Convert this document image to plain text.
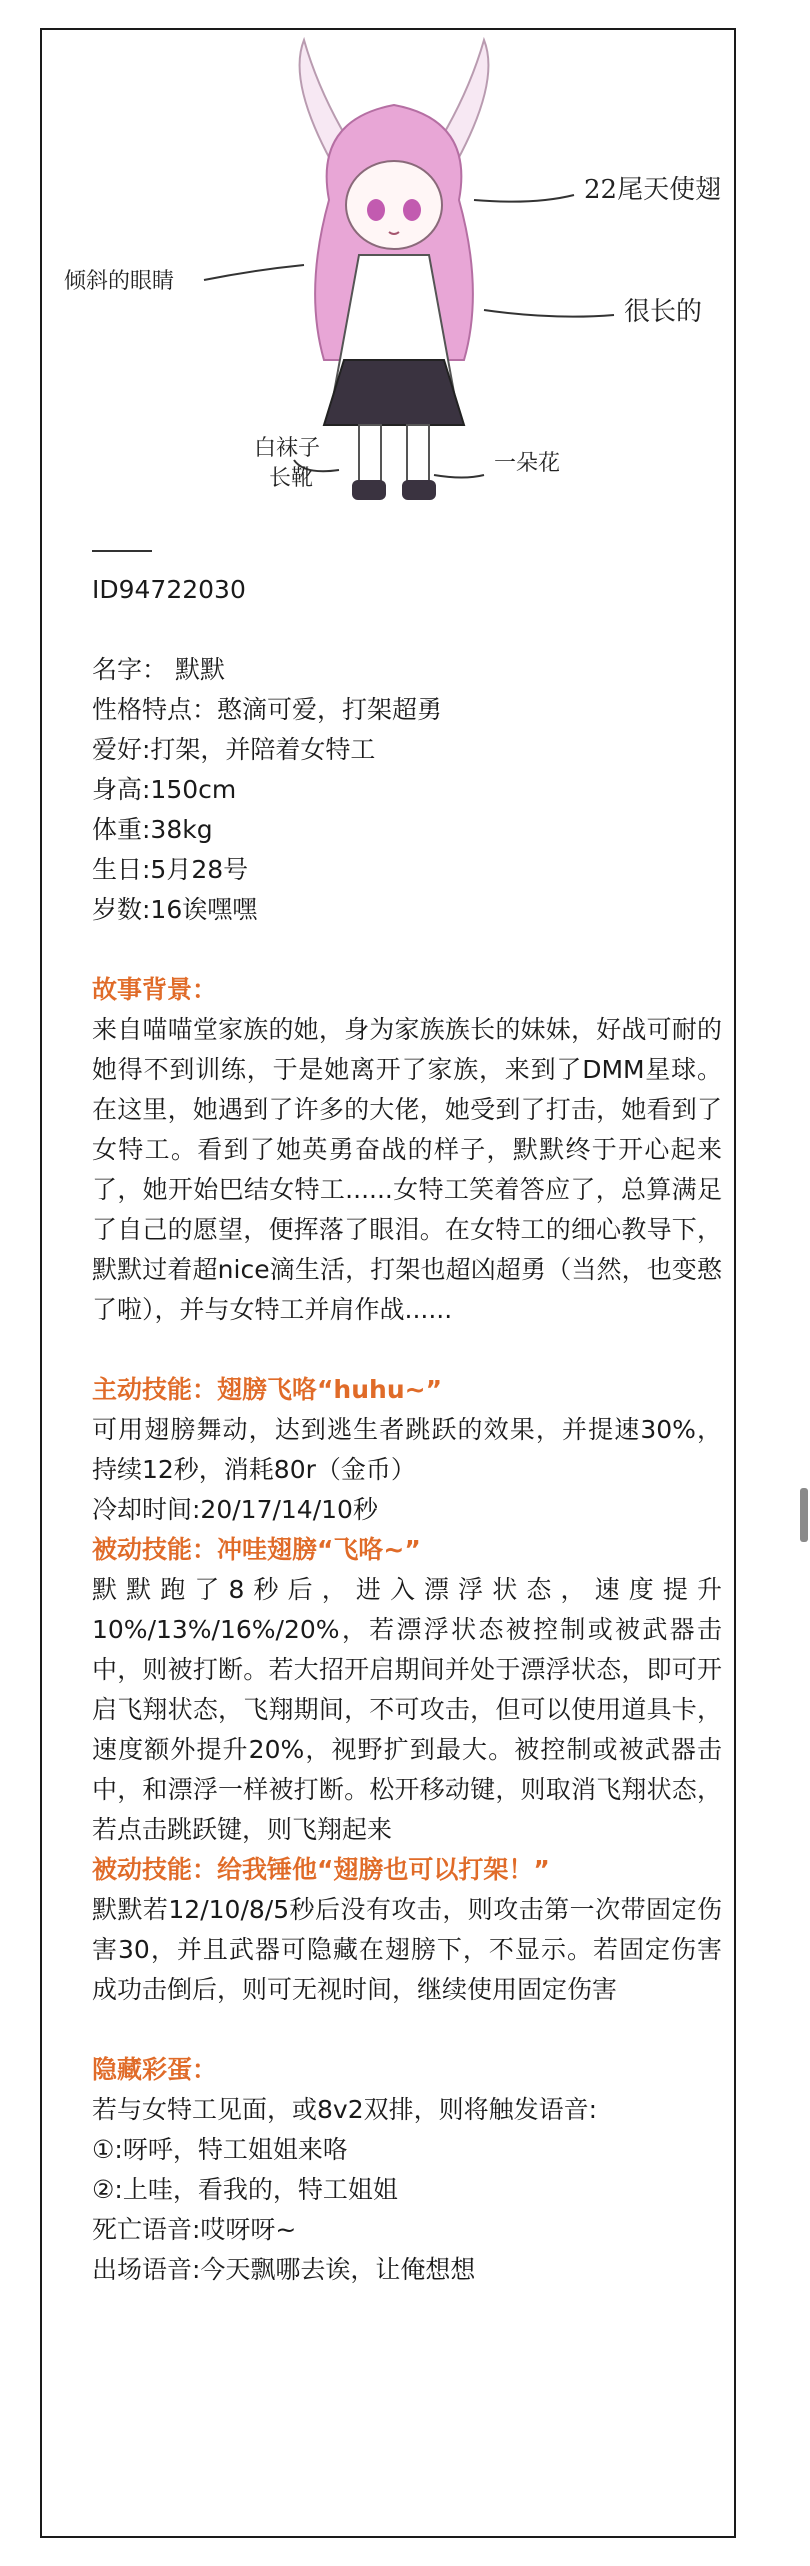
22尾天使翅
倾斜的眼睛
很长的
白袜子
长靴
一朵花

ID94722030

名字： 默默

性格特点：憨滴可爱，打架超勇

爱好:打架，并陪着女特工

身高:150cm

体重:38kg

生日:5月28号

岁数:16诶嘿嘿

故事背景：

来自喵喵堂家族的她，身为家族族长的妹妹，好战可耐的她得不到训练，于是她离开了家族，来到了DMM星球。在这里，她遇到了许多的大佬，她受到了打击，她看到了女特工。看到了她英勇奋战的样子，默默终于开心起来了，她开始巴结女特工......女特工笑着答应了，总算满足了自己的愿望，便挥落了眼泪。在女特工的细心教导下，默默过着超nice滴生活，打架也超凶超勇（当然，也变憨了啦），并与女特工并肩作战......

主动技能：翅膀飞咯“huhu~”

可用翅膀舞动，达到逃生者跳跃的效果，并提速30%，持续12秒，消耗80r（金币）

冷却时间:20/17/14/10秒

被动技能：冲哇翅膀“飞咯~”

默默跑了8秒后，进入漂浮状态，速度提升10%/13%/16%/20%，若漂浮状态被控制或被武器击中，则被打断。若大招开启期间并处于漂浮状态，即可开启飞翔状态，飞翔期间，不可攻击，但可以使用道具卡，速度额外提升20%，视野扩到最大。被控制或被武器击中，和漂浮一样被打断。松开移动键，则取消飞翔状态，若点击跳跃键，则飞翔起来

被动技能：给我锤他“翅膀也可以打架！”

默默若12/10/8/5秒后没有攻击，则攻击第一次带固定伤害30，并且武器可隐藏在翅膀下，不显示。若固定伤害成功击倒后，则可无视时间，继续使用固定伤害

隐藏彩蛋：

若与女特工见面，或8v2双排，则将触发语音:

①:呀呼，特工姐姐来咯

②:上哇，看我的，特工姐姐

死亡语音:哎呀呀~

出场语音:今天飘哪去诶，让俺想想
